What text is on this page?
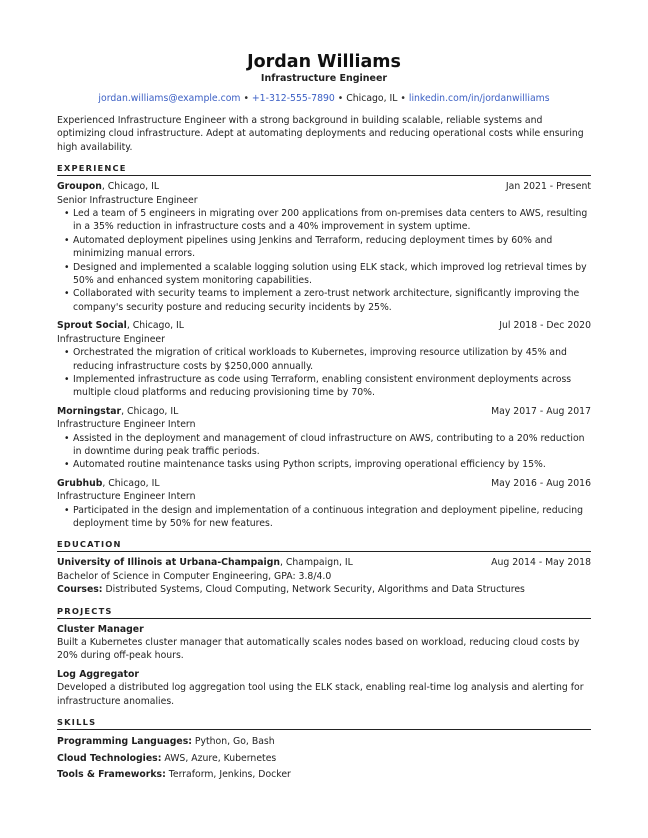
Jordan Williams
Infrastructure Engineer
jordan.williams@example.com • +1-312-555-7890 • Chicago, IL • linkedin.com/in/jordanwilliams
Experienced Infrastructure Engineer with a strong background in building scalable, reliable systems and optimizing cloud infrastructure. Adept at automating deployments and reducing operational costs while ensuring high availability.
EXPERIENCE
Groupon, Chicago, IL	Jan 2021 - Present
Senior Infrastructure Engineer
• Led a team of 5 engineers in migrating over 200 applications from on-premises data centers to AWS, resulting in a 35% reduction in infrastructure costs and a 40% improvement in system uptime.
• Automated deployment pipelines using Jenkins and Terraform, reducing deployment times by 60% and minimizing manual errors.
• Designed and implemented a scalable logging solution using ELK stack, which improved log retrieval times by 50% and enhanced system monitoring capabilities.
• Collaborated with security teams to implement a zero-trust network architecture, significantly improving the company's security posture and reducing security incidents by 25%.
Sprout Social, Chicago, IL	Jul 2018 - Dec 2020
Infrastructure Engineer
• Orchestrated the migration of critical workloads to Kubernetes, improving resource utilization by 45% and reducing infrastructure costs by $250,000 annually.
• Implemented infrastructure as code using Terraform, enabling consistent environment deployments across multiple cloud platforms and reducing provisioning time by 70%.
Morningstar, Chicago, IL	May 2017 - Aug 2017
Infrastructure Engineer Intern
• Assisted in the deployment and management of cloud infrastructure on AWS, contributing to a 20% reduction in downtime during peak traffic periods.
• Automated routine maintenance tasks using Python scripts, improving operational efficiency by 15%.
Grubhub, Chicago, IL	May 2016 - Aug 2016
Infrastructure Engineer Intern
• Participated in the design and implementation of a continuous integration and deployment pipeline, reducing deployment time by 50% for new features.
EDUCATION
University of Illinois at Urbana-Champaign, Champaign, IL	Aug 2014 - May 2018
Bachelor of Science in Computer Engineering, GPA: 3.8/4.0
Courses: Distributed Systems, Cloud Computing, Network Security, Algorithms and Data Structures
PROJECTS
Cluster Manager
Built a Kubernetes cluster manager that automatically scales nodes based on workload, reducing cloud costs by 20% during off-peak hours.
Log Aggregator
Developed a distributed log aggregation tool using the ELK stack, enabling real-time log analysis and alerting for infrastructure anomalies.
SKILLS
Programming Languages: Python, Go, Bash
Cloud Technologies: AWS, Azure, Kubernetes
Tools & Frameworks: Terraform, Jenkins, Docker
